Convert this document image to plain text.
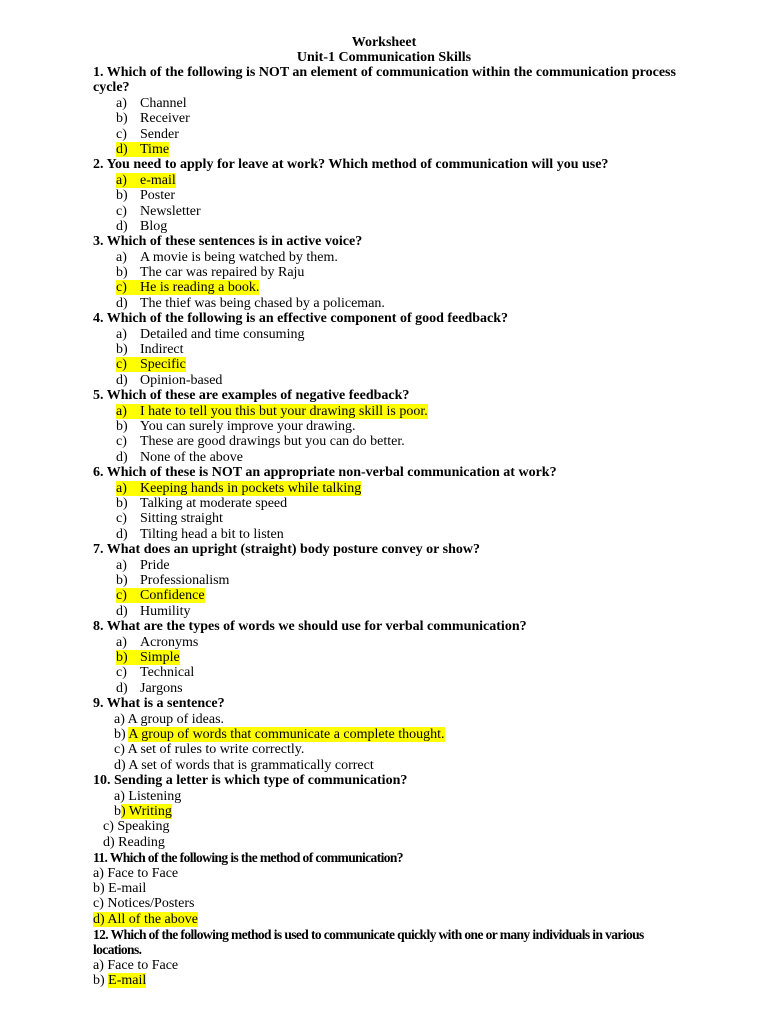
Worksheet
Unit-1 Communication Skills
1. Which of the following is NOT an element of communication within the communication process cycle?
a) Channel
b) Receiver
c) Sender
d) Time
2. You need to apply for leave at work? Which method of communication will you use?
a) e-mail
b) Poster
c) Newsletter
d) Blog
3. Which of these sentences is in active voice?
a) A movie is being watched by them.
b) The car was repaired by Raju
c) He is reading a book.
d) The thief was being chased by a policeman.
4. Which of the following is an effective component of good feedback?
a) Detailed and time consuming
b) Indirect
c) Specific
d) Opinion-based
5. Which of these are examples of negative feedback?
a) I hate to tell you this but your drawing skill is poor.
b) You can surely improve your drawing.
c) These are good drawings but you can do better.
d) None of the above
6. Which of these is NOT an appropriate non-verbal communication at work?
a) Keeping hands in pockets while talking
b) Talking at moderate speed
c) Sitting straight
d) Tilting head a bit to listen
7. What does an upright (straight) body posture convey or show?
a) Pride
b) Professionalism
c) Confidence
d) Humility
8. What are the types of words we should use for verbal communication?
a) Acronyms
b) Simple
c) Technical
d) Jargons
9. What is a sentence?
a) A group of ideas.
b) A group of words that communicate a complete thought.
c) A set of rules to write correctly.
d) A set of words that is grammatically correct
10. Sending a letter is which type of communication?
a) Listening
b) Writing
c) Speaking
d) Reading
11. Which of the following is the method of communication?
a) Face to Face
b) E-mail
c) Notices/Posters
d) All of the above
12. Which of the following method is used to communicate quickly with one or many individuals in various locations.
a) Face to Face
b) E-mail
